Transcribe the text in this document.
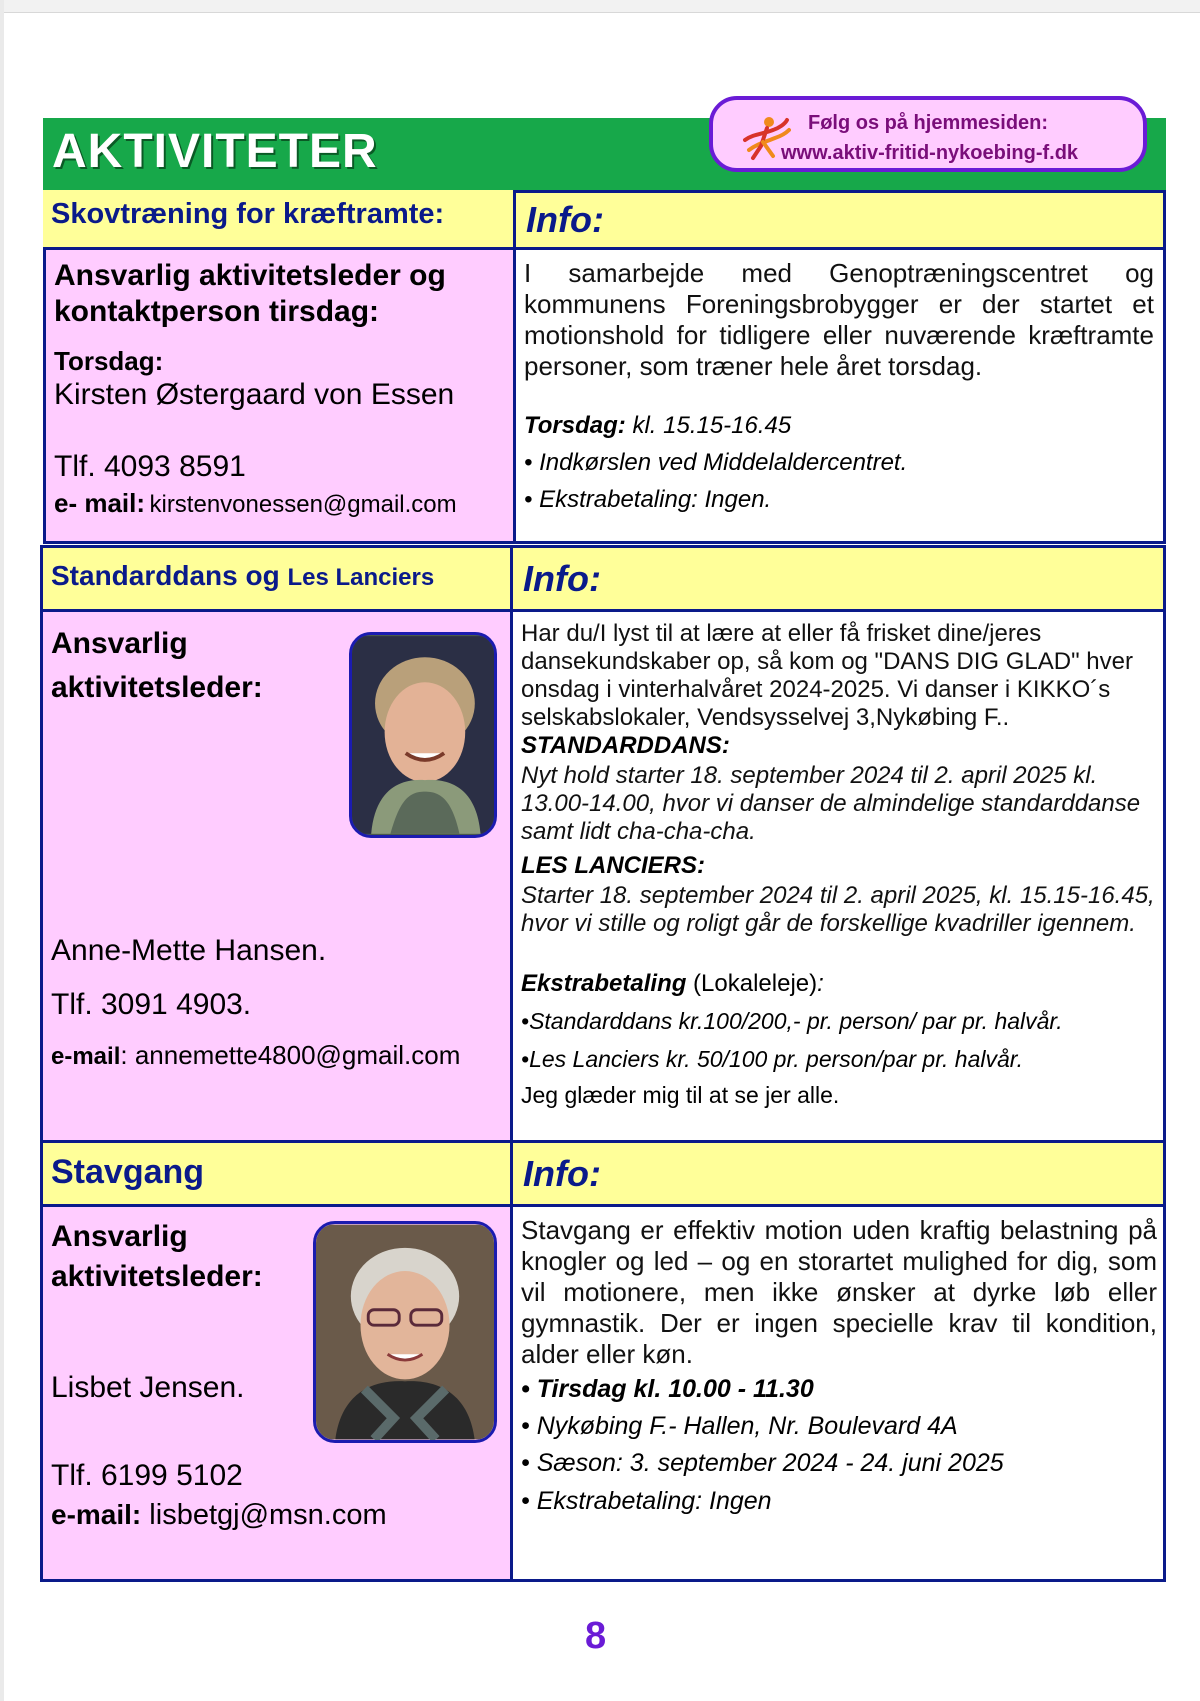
AKTIVITETER
Følg os på hjemmesiden:
www.aktiv-fritid-nykoebing-f.dk
Skovtræning for kræftramte: Info:
Ansvarlig aktivitetsleder og kontaktperson tirsdag:
Torsdag:
Kirsten Østergaard von Essen
Tlf. 4093 8591
e- mail: kirstenvonessen@gmail.com
I samarbejde med Genoptræningscentret og kommunens Foreningsbrobygger er der startet et motionshold for tidligere eller nuværende kræftramte personer, som træner hele året torsdag.
Torsdag: kl. 15.15-16.45
• Indkørslen ved Middelaldercentret.
• Ekstrabetaling: Ingen.
Standarddans og Les Lanciers Info:
Ansvarlig
aktivitetsleder:
Anne-Mette Hansen.
Tlf. 3091 4903.
e-mail: annemette4800@gmail.com
Har du/I lyst til at lære at eller få frisket dine/jeres dansekundskaber op, så kom og "DANS DIG GLAD" hver onsdag i vinterhalvåret 2024-2025. Vi danser i KIKKO´s selskabslokaler, Vendsysselvej 3,Nykøbing F..
STANDARDDANS:
Nyt hold starter 18. september 2024 til 2. april 2025 kl. 13.00-14.00, hvor vi danser de almindelige standarddanse samt lidt cha-cha-cha.
LES LANCIERS:
Starter 18. september 2024 til 2. april 2025, kl. 15.15-16.45, hvor vi stille og roligt går de forskellige kvadriller igennem.
Ekstrabetaling (Lokaleleje):
•Standarddans kr.100/200,- pr. person/ par pr. halvår.
•Les Lanciers kr. 50/100 pr. person/par pr. halvår.
Jeg glæder mig til at se jer alle.
Stavgang	Info:
Ansvarlig
aktivitetsleder:
Lisbet Jensen.
Tlf. 6199 5102
e-mail: lisbetgj@msn.com
Stavgang er effektiv motion uden kraftig belastning på knogler og led – og en storartet mulighed for dig, som vil motionere, men ikke ønsker at dyrke løb eller gymnastik. Der er ingen specielle krav til kondition, alder eller køn.
• Tirsdag kl. 10.00 - 11.30
• Nykøbing F.- Hallen, Nr. Boulevard 4A
• Sæson: 3. september 2024 - 24. juni 2025
• Ekstrabetaling: Ingen
8
